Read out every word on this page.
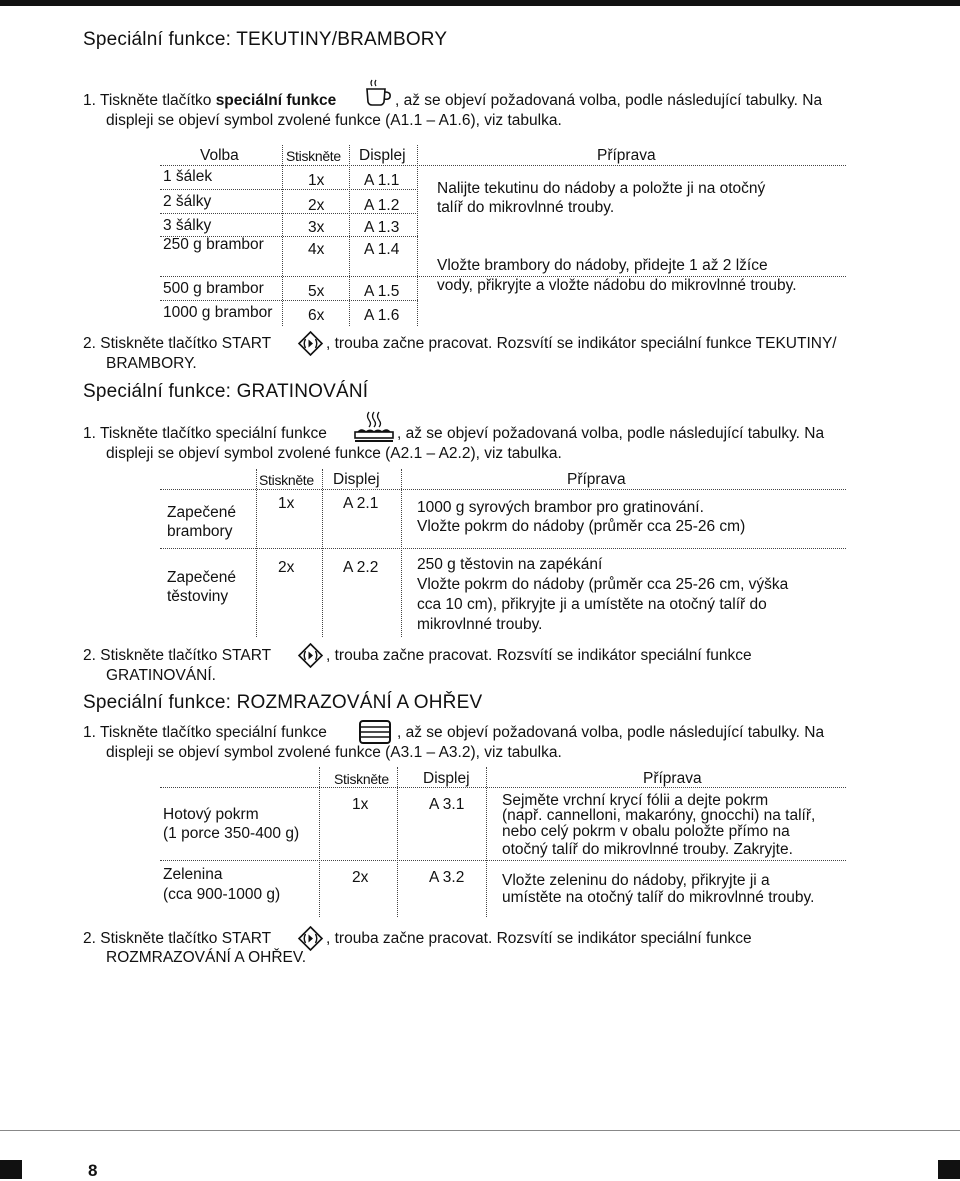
Speciální funkce: TEKUTINY/BRAMBORY
1. Tiskněte tlačítko speciální funkce	, až se objeví požadovaná volba, podle následující tabulky. Na
displeji se objeví symbol zvolené funkce (A1.1 – A1.6), viz tabulka.
Volba	Stiskněte Displej	Příprava
1 šálek	1x	A 1.1
2 šálky	2x	A 1.2
3 šálky	3x	A 1.3
250 g brambor	4x	A 1.4
500 g brambor	5x	A 1.5
1000 g brambor 6x	A 1.6
Nalijte tekutinu do nádoby a položte ji na otočný
talíř do mikrovlnné trouby.
Vložte brambory do nádoby, přidejte 1 až 2 lžíce
vody, přikryjte a vložte nádobu do mikrovlnné trouby.
2. Stiskněte tlačítko START	, trouba začne pracovat. Rozsvítí se indikátor speciální funkce TEKUTINY/
BRAMBORY.
Speciální funkce: GRATINOVÁNÍ
1. Tiskněte tlačítko speciální funkce	, až se objeví požadovaná volba, podle následující tabulky. Na
displeji se objeví symbol zvolené funkce (A2.1 – A2.2), viz tabulka.
Stiskněte Displej	Příprava
Zapečené
brambory
1x	A 2.1 1000 g syrových brambor pro gratinování.
Vložte pokrm do nádoby (průměr cca 25-26 cm)
Zapečené
těstoviny
2x	A 2.2 250 g těstovin na zapékání
Vložte pokrm do nádoby (průměr cca 25-26 cm, výška
cca 10 cm), přikryjte ji a umístěte na otočný talíř do
mikrovlnné trouby.
2. Stiskněte tlačítko START	, trouba začne pracovat. Rozsvítí se indikátor speciální funkce
GRATINOVÁNÍ.
Speciální funkce: ROZMRAZOVÁNÍ A OHŘEV
1. Tiskněte tlačítko speciální funkce	, až se objeví požadovaná volba, podle následující tabulky. Na
displeji se objeví symbol zvolené funkce (A3.1 – A3.2), viz tabulka.
Stiskněte Displej	Příprava
Hotový pokrm
(1 porce 350-400 g)
1x	A 3.1 Sejměte vrchní krycí fólii a dejte pokrm
(např. cannelloni, makaróny, gnocchi) na talíř,
nebo celý pokrm v obalu položte přímo na
otočný talíř do mikrovlnné trouby. Zakryjte.
Zelenina
(cca 900-1000 g)
2x	A 3.2 Vložte zeleninu do nádoby, přikryjte ji a
umístěte na otočný talíř do mikrovlnné trouby.
2. Stiskněte tlačítko START	, trouba začne pracovat. Rozsvítí se indikátor speciální funkce
ROZMRAZOVÁNÍ A OHŘEV.
8
